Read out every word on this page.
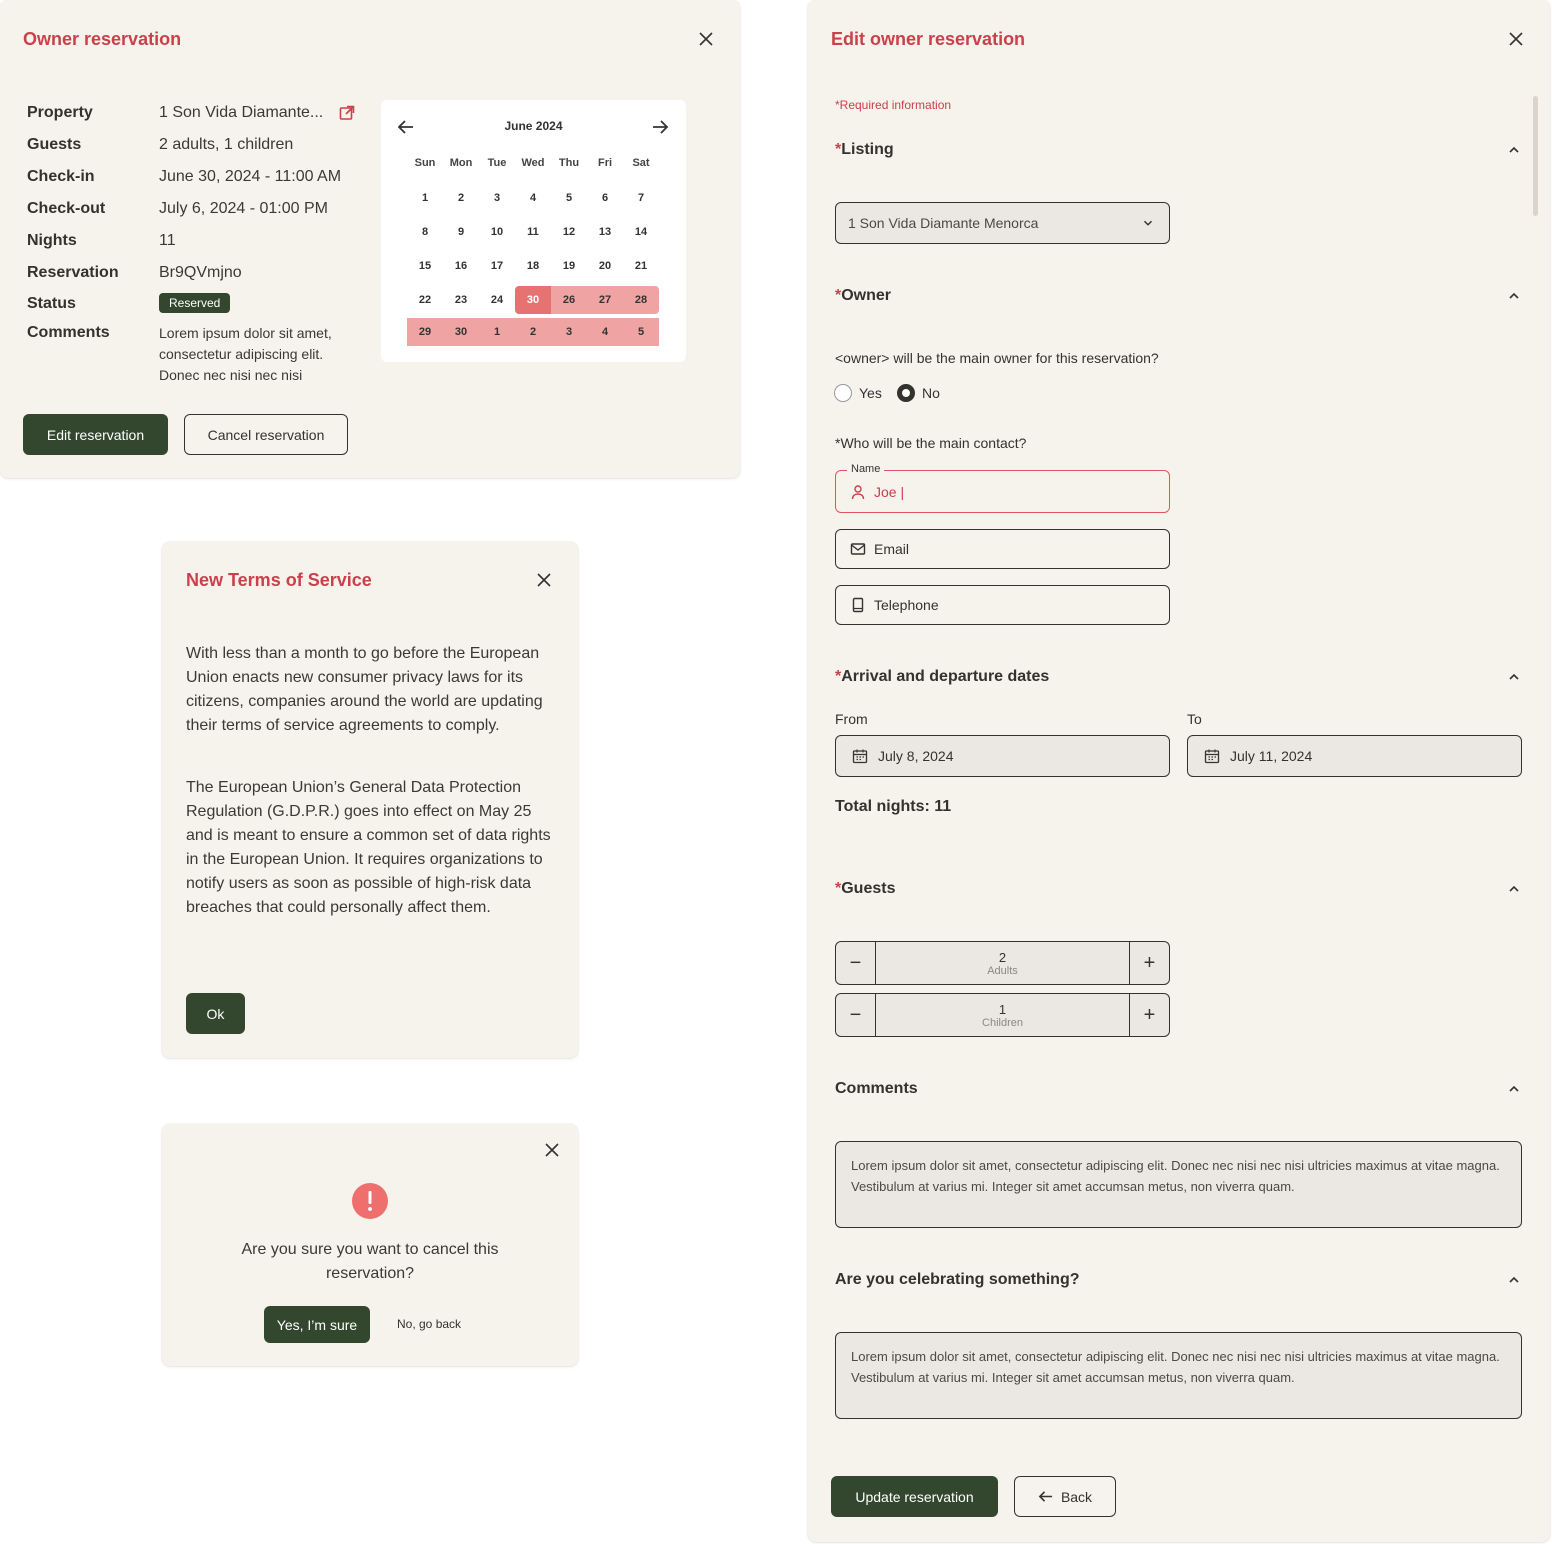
Owner reservation
Property	1 Son Vida Diamante...
Guests	2 adults, 1 children
Check-in	June 30, 2024 - 11:00 AM
Check-out	July 6, 2024 - 01:00 PM
Nights	11
Reservation	Br9QVmjno
Status	Reserved
Comments	Lorem ipsum dolor sit amet, consectetur adipiscing elit. Donec nec nisi nec nisi
June 2024
Sun	Mon	Tue	Wed	Thu	Fri	Sat
1	2	3	4	5	6	7
8	9	10	11	12	13	14
15	16	17	18	19	20	21
22	23	24	30	26	27	28
29	30	1	2	3	4	5
Edit reservation	Cancel reservation
New Terms of Service
With less than a month to go before the European Union enacts new consumer privacy laws for its citizens, companies around the world are updating their terms of service agreements to comply.
The European Union’s General Data Protection Regulation (G.D.P.R.) goes into effect on May 25 and is meant to ensure a common set of data rights in the European Union. It requires organizations to notify users as soon as possible of high-risk data breaches that could personally affect them.
Ok
Are you sure you want to cancel this reservation?
Yes, I’m sure	No, go back
Edit owner reservation
*Required information
*Listing
1 Son Vida Diamante Menorca
*Owner
<owner> will be the main owner for this reservation?
Yes	No
*Who will be the main contact?
Joe |
Name
Email
Telephone
*Arrival and departure dates
From	To
July 8, 2024	July 11, 2024
Total nights: 11
*Guests
−	2
Adults	+
−	1
Children	+
Comments
Lorem ipsum dolor sit amet, consectetur adipiscing elit. Donec nec nisi nec nisi ultricies maximus at vitae magna. Vestibulum at varius mi. Integer sit amet accumsan metus, non viverra quam.
Are you celebrating something?
Lorem ipsum dolor sit amet, consectetur adipiscing elit. Donec nec nisi nec nisi ultricies maximus at vitae magna. Vestibulum at varius mi. Integer sit amet accumsan metus, non viverra quam.
Update reservation	Back
